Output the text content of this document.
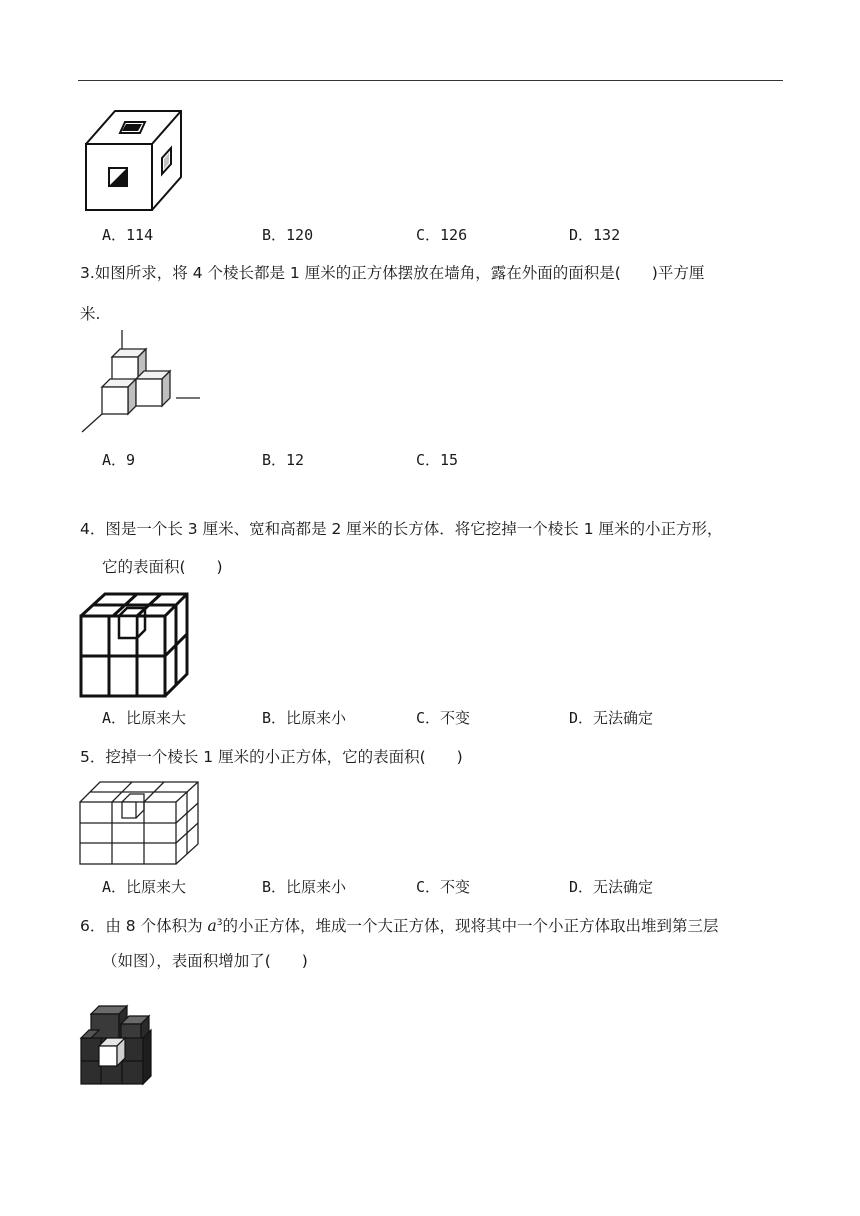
A．114	B．120	C．126	D．132
3.如图所求，将 4 个棱长都是 1 厘米的正方体摆放在墙角，露在外面的面积是(　　)平方厘
米.
A．9	B．12	C．15
4．图是一个长 3 厘米、宽和高都是 2 厘米的长方体．将它挖掉一个棱长 1 厘米的小正方形，
它的表面积(　　)
A．比原来大	B．比原来小	C．不变	D．无法确定
5．挖掉一个棱长 1 厘米的小正方体，它的表面积(　　)
A．比原来大	B．比原来小	C．不变	D．无法确定
6．由 8 个体积为 $a^3$的小正方体，堆成一个大正方体，现将其中一个小正方体取出堆到第三层
（如图），表面积增加了(　　)
